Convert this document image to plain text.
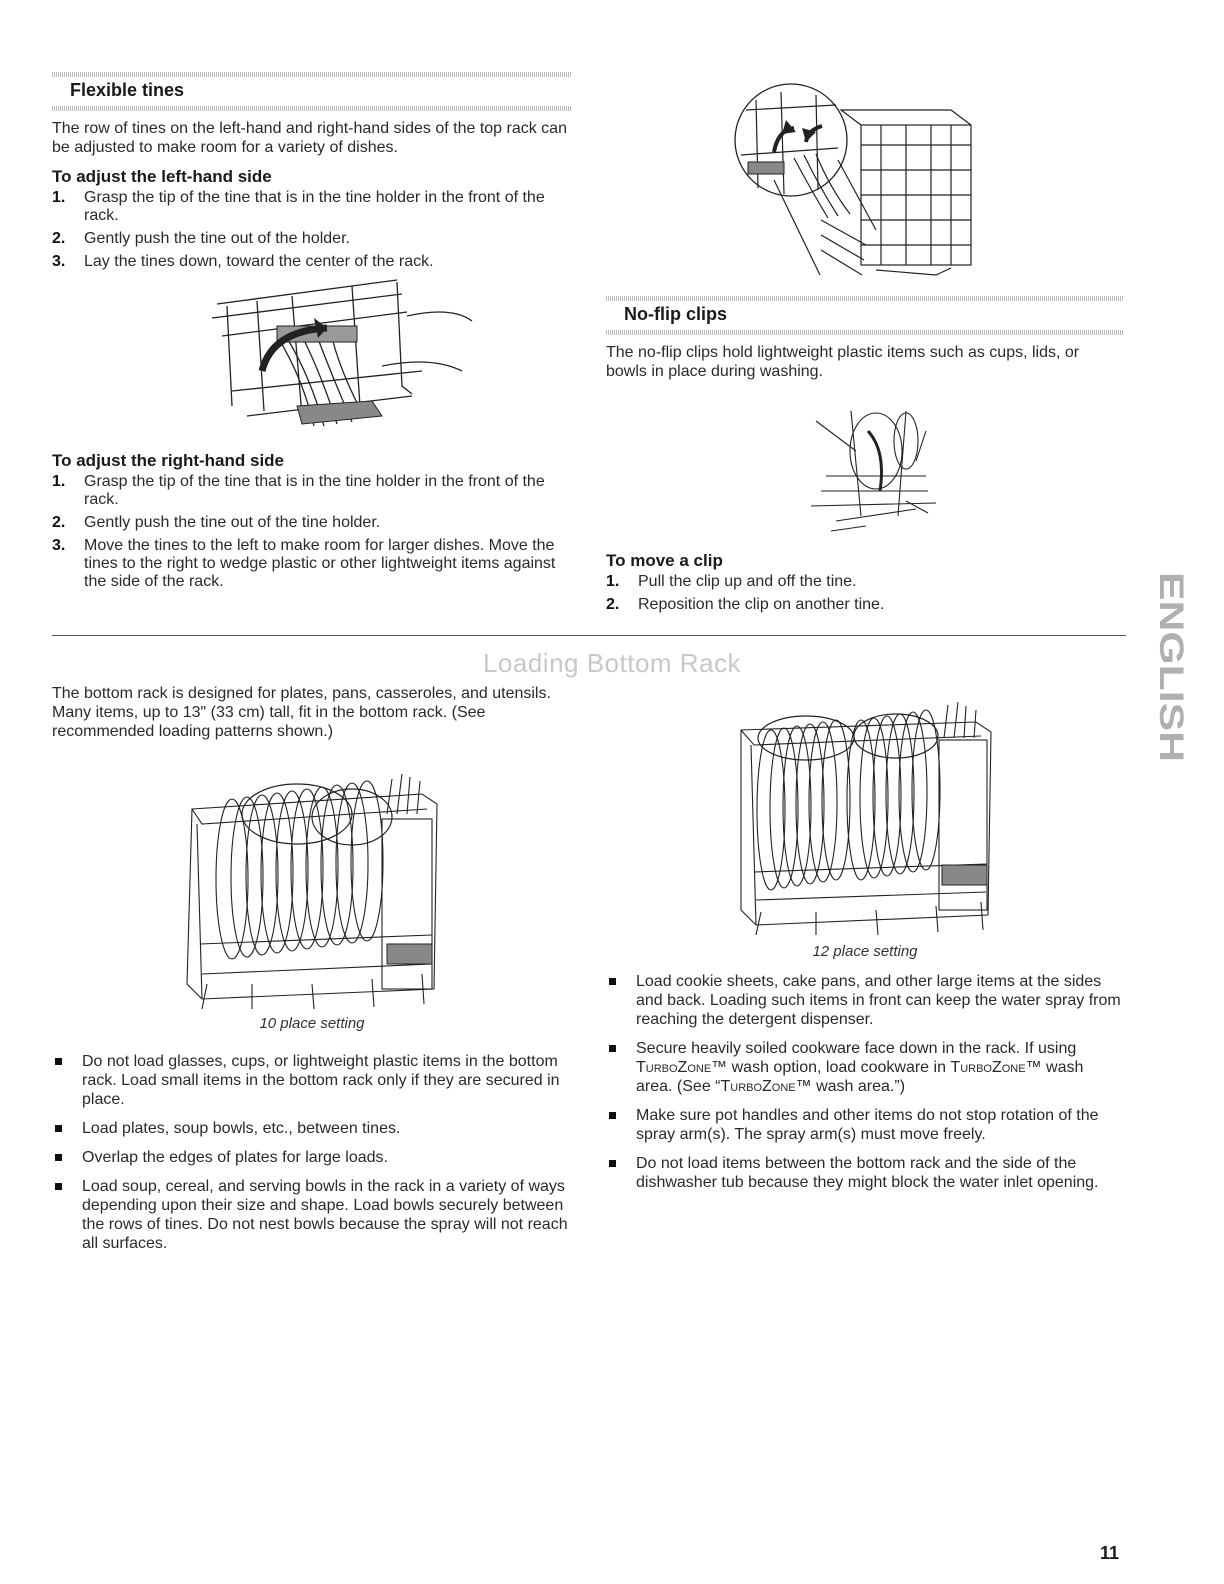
Flexible tines

The row of tines on the left-hand and right-hand sides of the top rack can be adjusted to make room for a variety of dishes.

To adjust the left-hand side
1. Grasp the tip of the tine that is in the tine holder in the front of the rack.
2. Gently push the tine out of the holder.
3. Lay the tines down, toward the center of the rack.
To adjust the right-hand side
1. Grasp the tip of the tine that is in the tine holder in the front of the rack.
2. Gently push the tine out of the tine holder.
3. Move the tines to the left to make room for larger dishes. Move the tines to the right to wedge plastic or other lightweight items against the side of the rack.
No-flip clips

The no-flip clips hold lightweight plastic items such as cups, lids, or bowls in place during washing.

To move a clip
1. Pull the clip up and off the tine.
2. Reposition the clip on another tine.
Loading Bottom Rack

The bottom rack is designed for plates, pans, casseroles, and utensils. Many items, up to 13" (33 cm) tall, fit in the bottom rack. (See recommended loading patterns shown.)

10 place setting
Do not load glasses, cups, or lightweight plastic items in the bottom rack. Load small items in the bottom rack only if they are secured in place.
Load plates, soup bowls, etc., between tines.
Overlap the edges of plates for large loads.
Load soup, cereal, and serving bowls in the rack in a variety of ways depending upon their size and shape. Load bowls securely between the rows of tines. Do not nest bowls because the spray will not reach all surfaces.
12 place setting
Load cookie sheets, cake pans, and other large items at the sides and back. Loading such items in front can keep the water spray from reaching the detergent dispenser.
Secure heavily soiled cookware face down in the rack. If using TurboZone™ wash option, load cookware in TurboZone™ wash area. (See “TurboZone™ wash area.”)
Make sure pot handles and other items do not stop rotation of the spray arm(s). The spray arm(s) must move freely.
Do not load items between the bottom rack and the side of the dishwasher tub because they might block the water inlet opening.
ENGLISH
11
